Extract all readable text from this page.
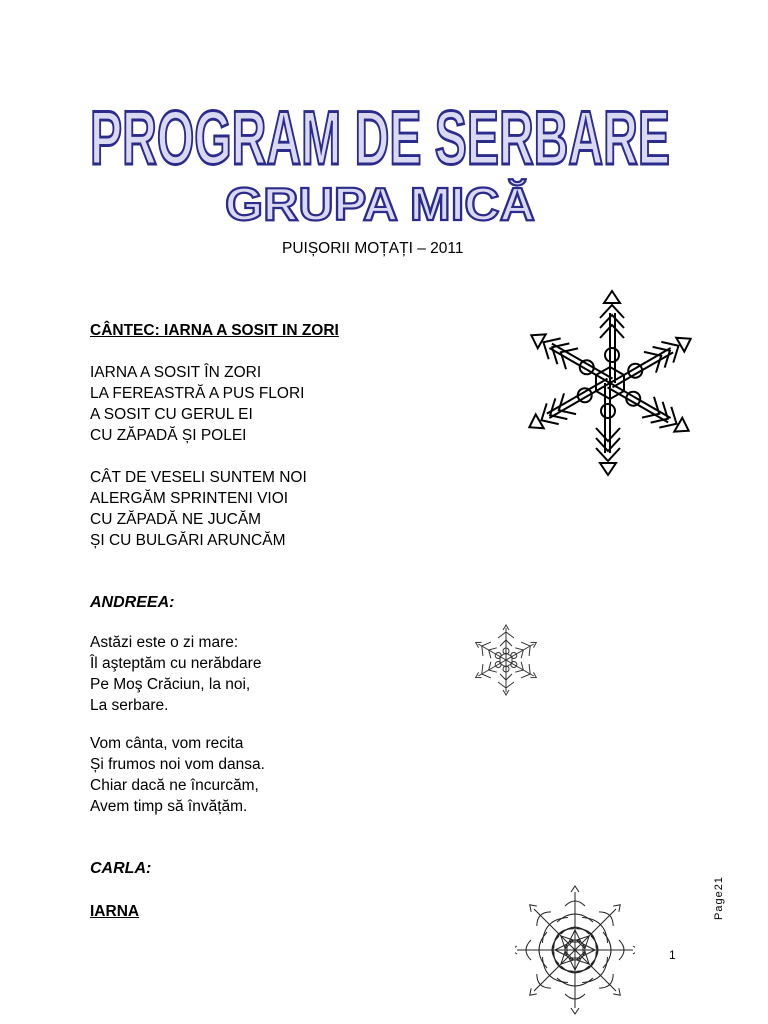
PROGRAM DE SERBARE
GRUPA MICĂ
PUIȘORII MOȚAȚI – 2011
CÂNTEC: IARNA A SOSIT IN ZORI
IARNA A SOSIT ÎN ZORI
LA FEREASTRĂ A PUS FLORI
A SOSIT CU GERUL EI
CU ZĂPADĂ ȘI POLEI
CÂT DE VESELI SUNTEM NOI
ALERGĂM SPRINTENI VIOI
CU ZĂPADĂ NE JUCĂM
ȘI CU BULGĂRI ARUNCĂM
ANDREEA:
Astăzi este o zi mare:
Îl aşteptăm cu nerăbdare
Pe Moş Crăciun, la noi,
La serbare.
Vom cânta, vom recita
Și frumos noi vom dansa.
Chiar dacă ne încurcăm,
Avem timp să învățăm.
CARLA:
IARNA	Page21
1
